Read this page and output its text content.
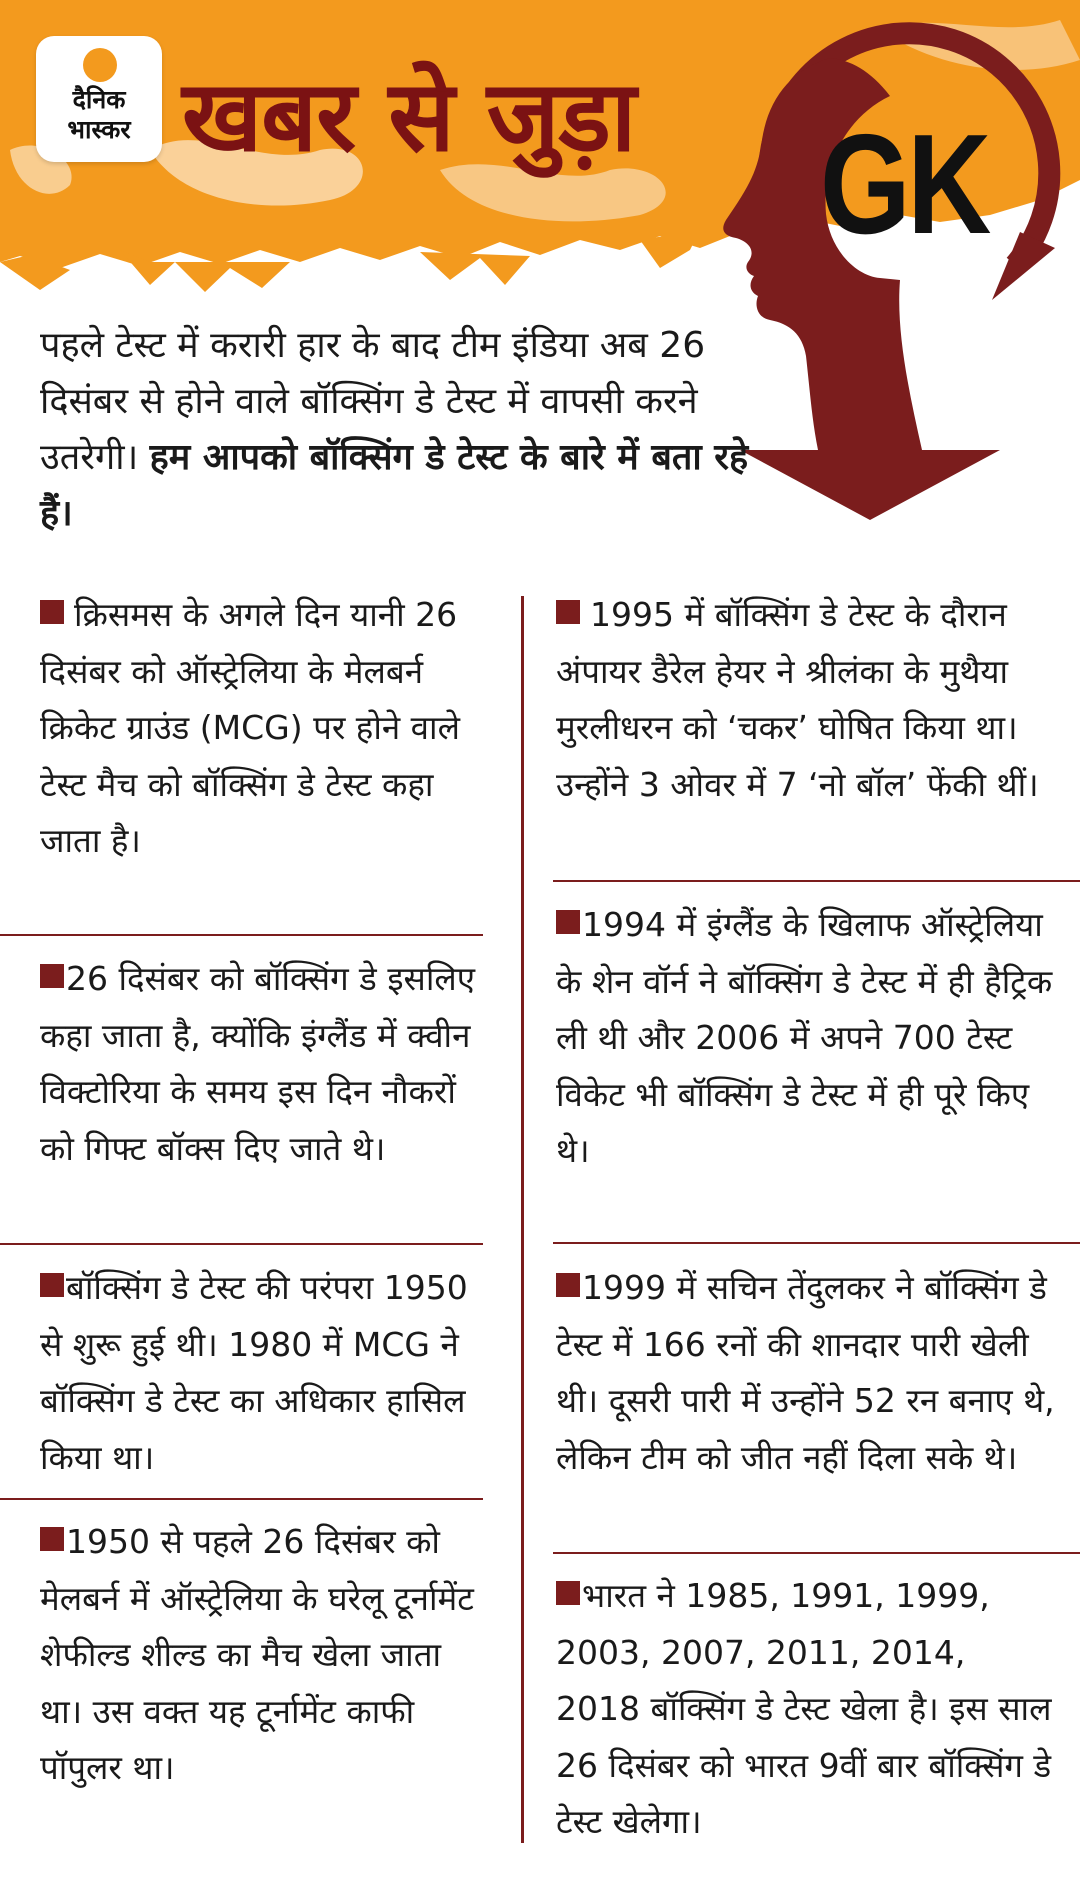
दैनिक
भास्कर खबर से जुड़ा GK
पहले टेस्ट में करारी हार के बाद टीम इंडिया अब 26 दिसंबर से होने वाले बॉक्सिंग डे टेस्ट में वापसी करने उतरेगी। हम आपको बॉक्सिंग डे टेस्ट के बारे में बता रहे हैं।
क्रिसमस के अगले दिन यानी 26 दिसंबर को ऑस्ट्रेलिया के मेलबर्न क्रिकेट ग्राउंड (MCG) पर होने वाले टेस्ट मैच को बॉक्सिंग डे टेस्ट कहा जाता है।
26 दिसंबर को बॉक्सिंग डे इसलिए कहा जाता है, क्योंकि इंग्लैंड में क्वीन विक्टोरिया के समय इस दिन नौकरों को गिफ्ट बॉक्स दिए जाते थे।
बॉक्सिंग डे टेस्ट की परंपरा 1950 से शुरू हुई थी। 1980 में MCG ने बॉक्सिंग डे टेस्ट का अधिकार हासिल किया था।
1950 से पहले 26 दिसंबर को मेलबर्न में ऑस्ट्रेलिया के घरेलू टूर्नामेंट शेफील्ड शील्ड का मैच खेला जाता था। उस वक्त यह टूर्नामेंट काफी पॉपुलर था।
1995 में बॉक्सिंग डे टेस्ट के दौरान अंपायर डैरेल हेयर ने श्रीलंका के मुथैया मुरलीधरन को ‘चकर’ घोषित किया था। उन्होंने 3 ओवर में 7 ‘नो बॉल’ फेंकी थीं।
1994 में इंग्लैंड के खिलाफ ऑस्ट्रेलिया के शेन वॉर्न ने बॉक्सिंग डे टेस्ट में ही हैट्रिक ली थी और 2006 में अपने 700 टेस्ट विकेट भी बॉक्सिंग डे टेस्ट में ही पूरे किए थे।
1999 में सचिन तेंदुलकर ने बॉक्सिंग डे टेस्ट में 166 रनों की शानदार पारी खेली थी। दूसरी पारी में उन्होंने 52 रन बनाए थे, लेकिन टीम को जीत नहीं दिला सके थे।
भारत ने 1985, 1991, 1999, 2003, 2007, 2011, 2014, 2018 बॉक्सिंग डे टेस्ट खेला है। इस साल 26 दिसंबर को भारत 9वीं बार बॉक्सिंग डे टेस्ट खेलेगा।
